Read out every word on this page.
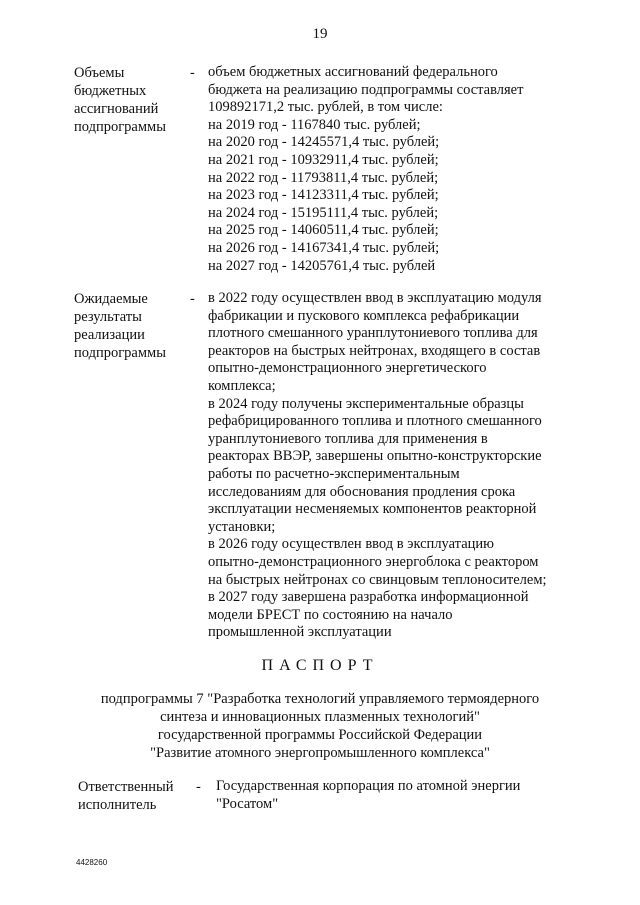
19
Объемы
бюджетных
ассигнований
подпрограммы
- объем бюджетных ассигнований федерального
бюджета на реализацию подпрограммы составляет
109892171,2 тыс. рублей, в том числе:
на 2019 год - 1167840 тыс. рублей;
на 2020 год - 14245571,4 тыс. рублей;
на 2021 год - 10932911,4 тыс. рублей;
на 2022 год - 11793811,4 тыс. рублей;
на 2023 год - 14123311,4 тыс. рублей;
на 2024 год - 15195111,4 тыс. рублей;
на 2025 год - 14060511,4 тыс. рублей;
на 2026 год - 14167341,4 тыс. рублей;
на 2027 год - 14205761,4 тыс. рублей
Ожидаемые
результаты
реализации
подпрограммы
- в 2022 году осуществлен ввод в эксплуатацию модуля
фабрикации и пускового комплекса рефабрикации
плотного смешанного уранплутониевого топлива для
реакторов на быстрых нейтронах, входящего в состав
опытно-демонстрационного энергетического
комплекса;
в 2024 году получены экспериментальные образцы
рефабрицированного топлива и плотного смешанного
уранплутониевого топлива для применения в
реакторах ВВЭР, завершены опытно-конструкторские
работы по расчетно-экспериментальным
исследованиям для обоснования продления срока
эксплуатации несменяемых компонентов реакторной
установки;
в 2026 году осуществлен ввод в эксплуатацию
опытно-демонстрационного энергоблока с реактором
на быстрых нейтронах со свинцовым теплоносителем;
в 2027 году завершена разработка информационной
модели БРЕСТ по состоянию на начало
промышленной эксплуатации
ПАСПОРТ
подпрограммы 7 "Разработка технологий управляемого термоядерного
синтеза и инновационных плазменных технологий"
государственной программы Российской Федерации
"Развитие атомного энергопромышленного комплекса"
Ответственный
исполнитель
- Государственная корпорация по атомной энергии
"Росатом"
4428260
